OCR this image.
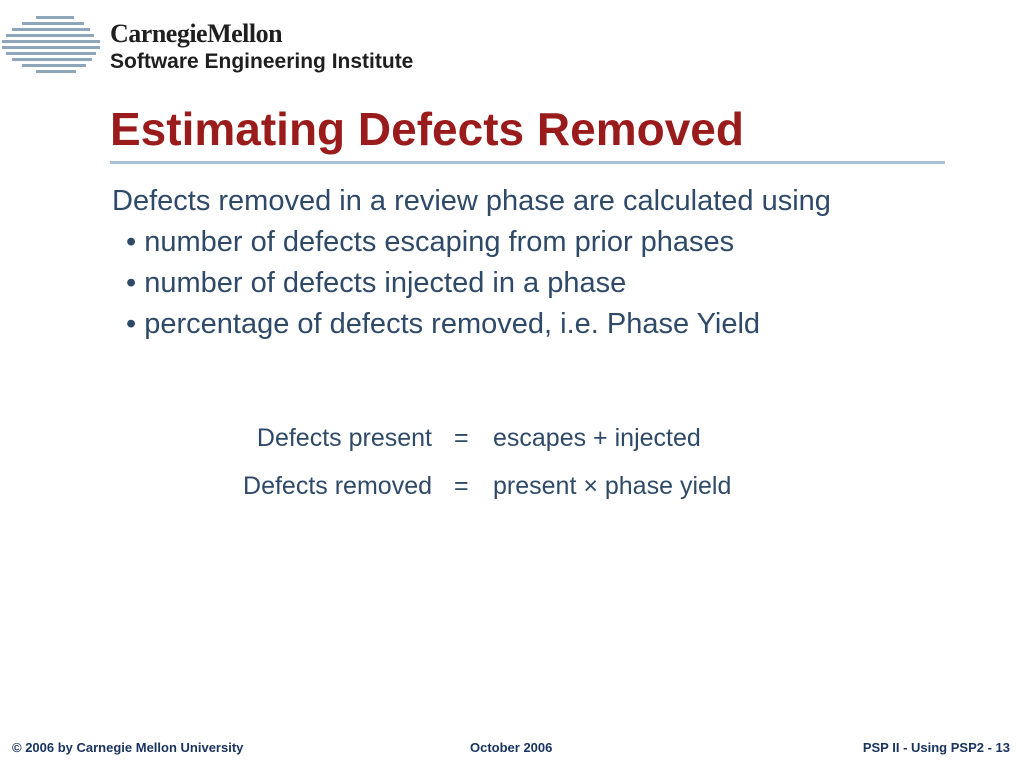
CarnegieMellon
Software Engineering Institute
Estimating Defects Removed
Defects removed in a review phase are calculated using
• number of defects escaping from prior phases
• number of defects injected in a phase
• percentage of defects removed, i.e. Phase Yield
Defects present = escapes + injected
Defects removed = present × phase yield
© 2006 by Carnegie Mellon University	October 2006	PSP II - Using PSP2 - 13
